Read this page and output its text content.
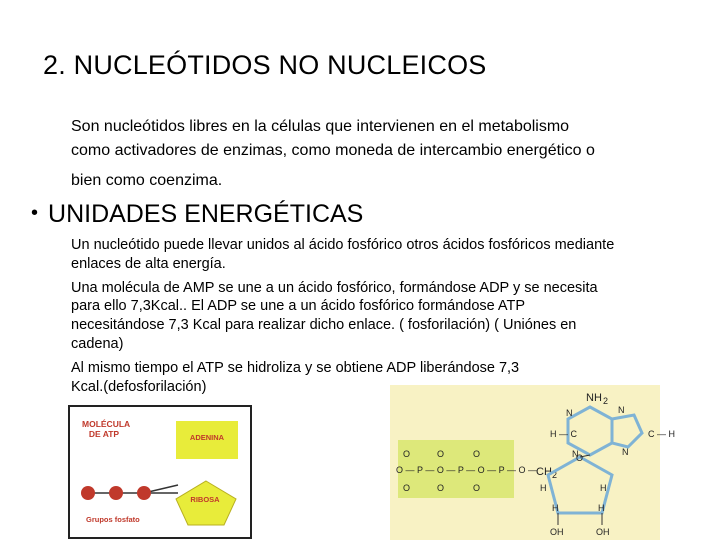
2. NUCLEÓTIDOS NO NUCLEICOS
Son nucleótidos libres en la células que intervienen en el metabolismo
como activadores de enzimas, como moneda de intercambio energético o
bien como coenzima.
• UNIDADES ENERGÉTICAS
Un nucleótido puede llevar unidos al ácido fosfórico otros ácidos fosfóricos mediante
enlaces de alta energía.
Una molécula de AMP se une a un ácido fosfórico, formándose ADP y se necesita
para ello 7,3Kcal.. El ADP se une a un ácido fosfórico formándose ATP
necesitándose 7,3 Kcal para realizar dicho enlace. ( fosforilación) ( Uniónes en
cadena)
Al mismo tiempo el ATP se hidroliza y se obtiene ADP liberándose 7,3
Kcal.(defosforilación)
MOLÉCULA DE ATP	ADENINA
RIBOSA
Grupos fosfato
O	O	O
O — P — O — P — O — P — O —
O	O	O
CH 2
O
OH	OH
H	H
H	H
NH 2
N
H — C
N
N
C — H
N
